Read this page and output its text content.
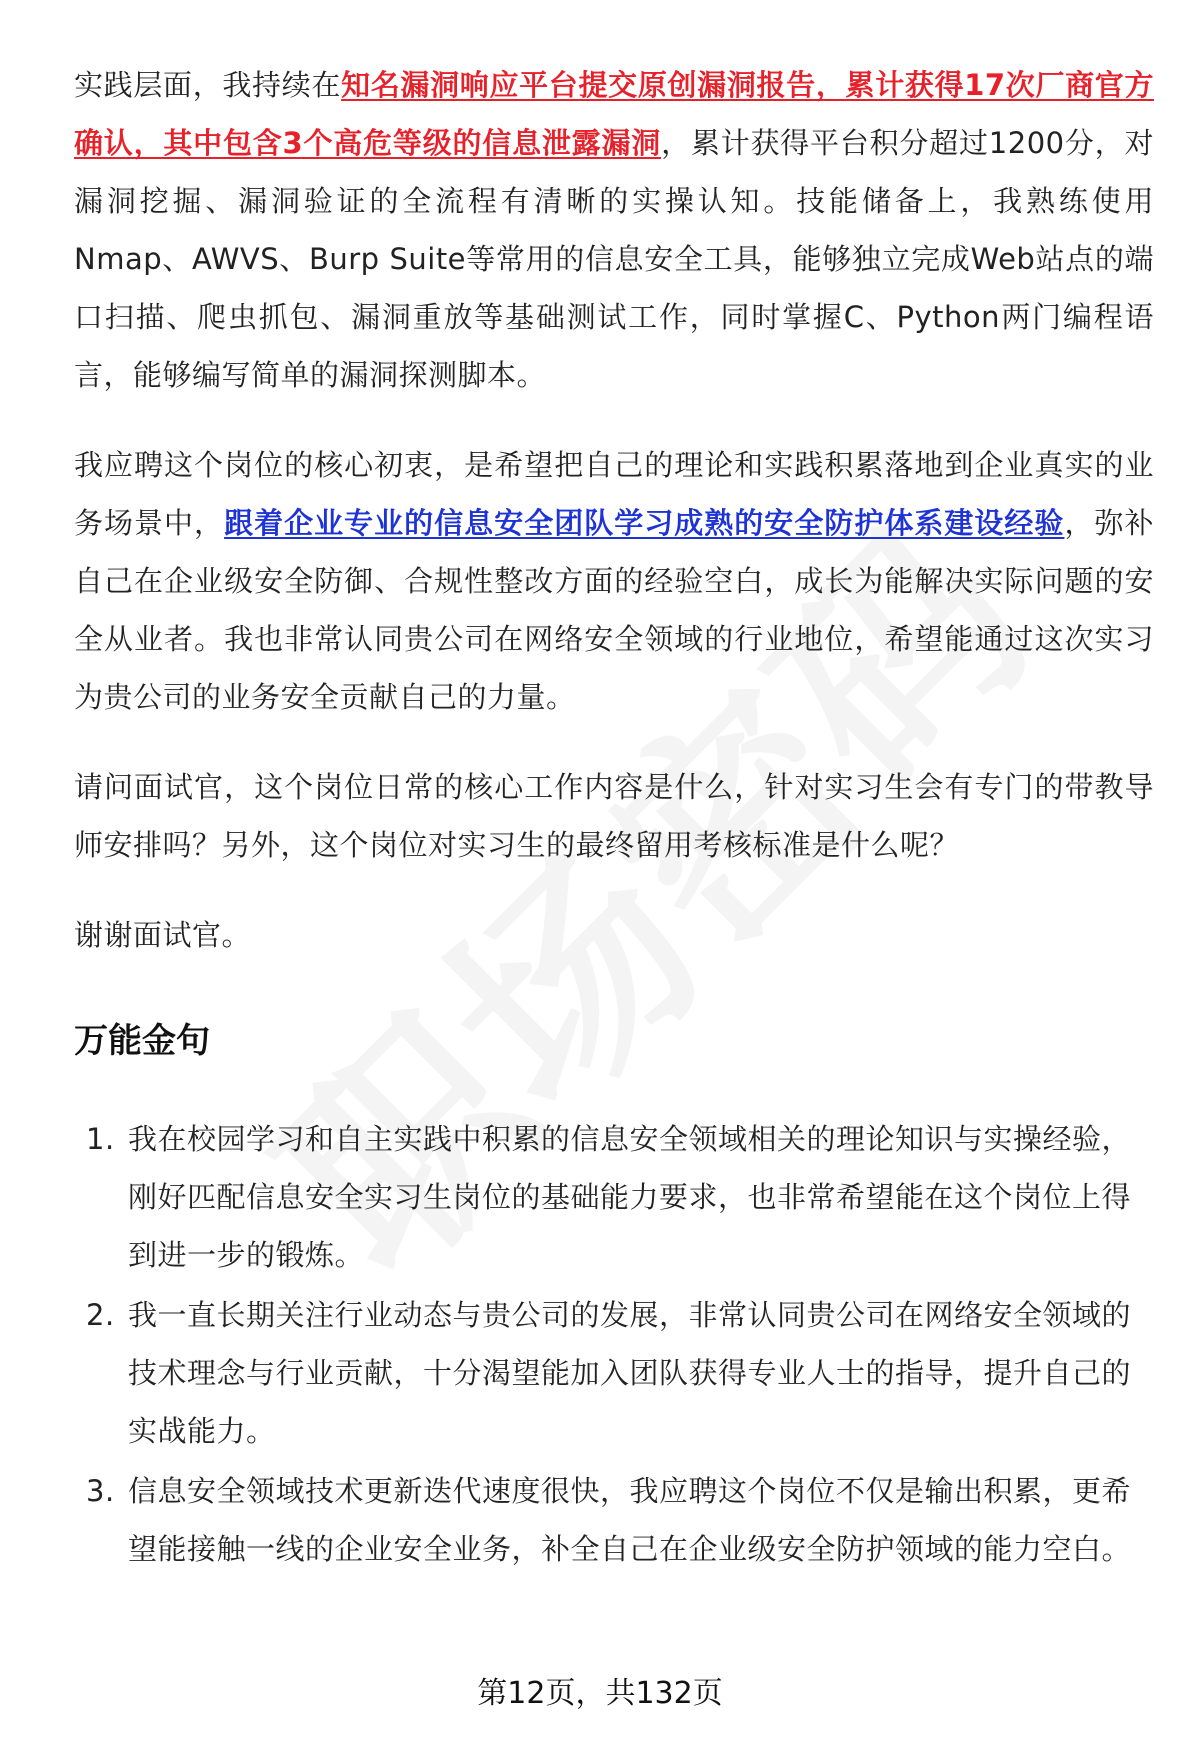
实践层面，我持续在知名漏洞响应平台提交原创漏洞报告，累计获得17次厂商官方确认，其中包含3个高危等级的信息泄露漏洞，累计获得平台积分超过1200分，对漏洞挖掘、漏洞验证的全流程有清晰的实操认知。技能储备上，我熟练使用Nmap、AWVS、Burp Suite等常用的信息安全工具，能够独立完成Web站点的端口扫描、爬虫抓包、漏洞重放等基础测试工作，同时掌握C、Python两门编程语言，能够编写简单的漏洞探测脚本。

我应聘这个岗位的核心初衷，是希望把自己的理论和实践积累落地到企业真实的业务场景中，跟着企业专业的信息安全团队学习成熟的安全防护体系建设经验，弥补自己在企业级安全防御、合规性整改方面的经验空白，成长为能解决实际问题的安全从业者。我也非常认同贵公司在网络安全领域的行业地位，希望能通过这次实习为贵公司的业务安全贡献自己的力量。

请问面试官，这个岗位日常的核心工作内容是什么，针对实习生会有专门的带教导师安排吗？另外，这个岗位对实习生的最终留用考核标准是什么呢？

谢谢面试官。

万能金句
1. 我在校园学习和自主实践中积累的信息安全领域相关的理论知识与实操经验，刚好匹配信息安全实习生岗位的基础能力要求，也非常希望能在这个岗位上得到进一步的锻炼。
2. 我一直长期关注行业动态与贵公司的发展，非常认同贵公司在网络安全领域的技术理念与行业贡献，十分渴望能加入团队获得专业人士的指导，提升自己的实战能力。
3. 信息安全领域技术更新迭代速度很快，我应聘这个岗位不仅是输出积累，更希望能接触一线的企业安全业务，补全自己在企业级安全防护领域的能力空白。
第12页，共132页
